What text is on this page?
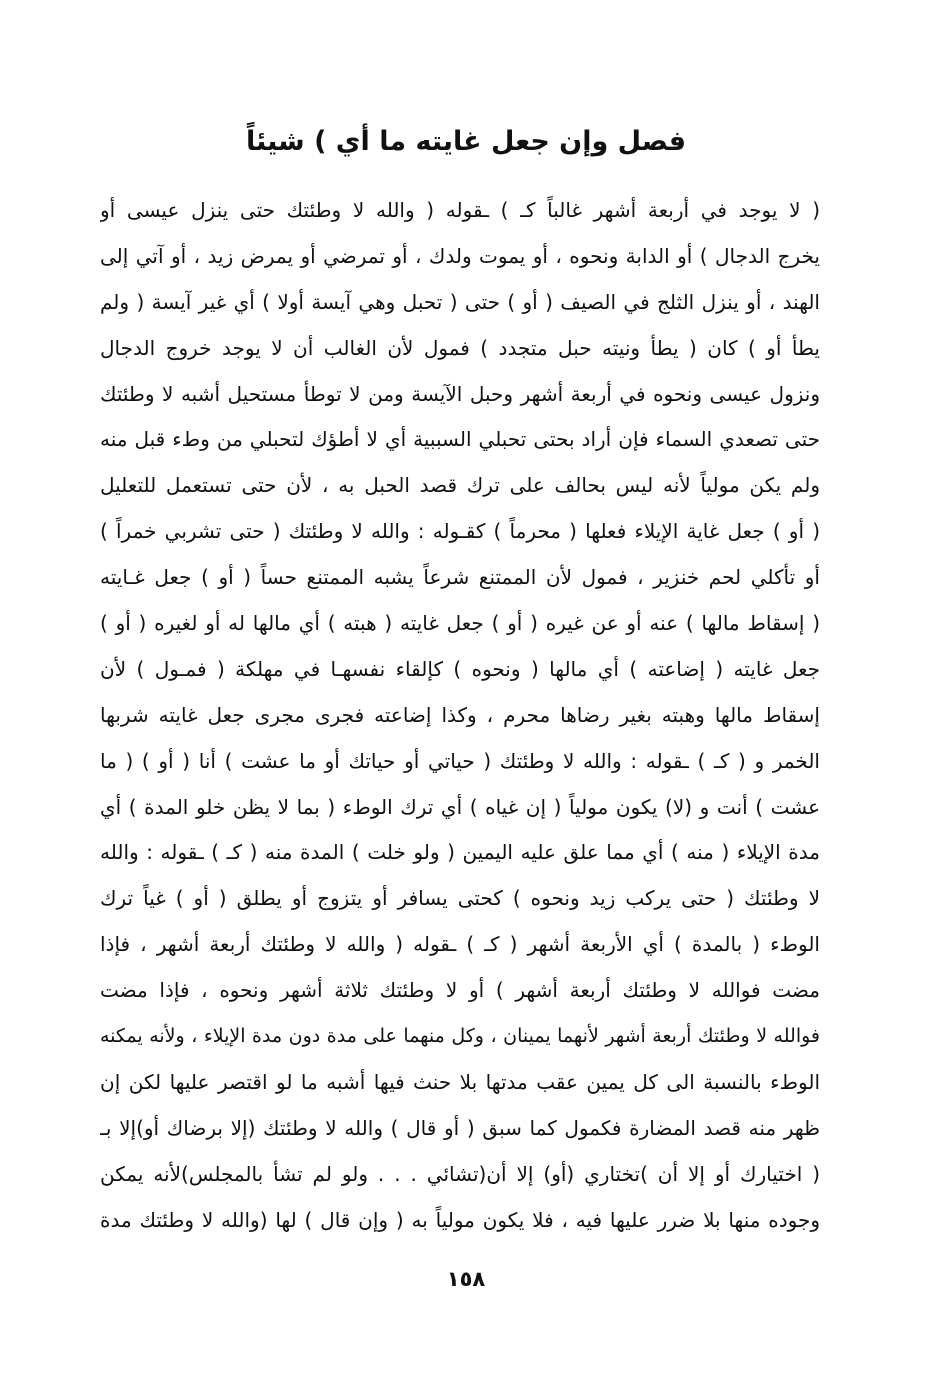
فصل وإن جعل غايته ما أي ) شيئاً
( لا يوجد في أربعة أشهر غالباً كـ ) ـقوله ( والله لا وطئتك حتى ينزل عيسى أو
يخرج الدجال ) أو الدابة ونحوه ، أو يموت ولدك ، أو تمرضي أو يمرض زيد ، أو آتي إلى
الهند ، أو ينزل الثلج في الصيف ( أو ) حتى ( تحبل وهي آيسة أولا ) أي غير آيسة ( ولم
يطأ أو ) كان ( يطأ ونيته حبل متجدد ) فمول لأن الغالب أن لا يوجد خروج الدجال
ونزول عيسى ونحوه في أربعة أشهر وحبل الآيسة ومن لا توطأ مستحيل أشبه لا وطئتك
حتى تصعدي السماء فإن أراد بحتى تحبلي السببية أي لا أطؤك لتحبلي من وطء قبل منه
ولم يكن مولياً لأنه ليس بحالف على ترك قصد الحبل به ، لأن حتى تستعمل للتعليل
( أو ) جعل غاية الإيلاء فعلها ( محرماً ) كقـوله : والله لا وطئتك ( حتى تشربي خمراً )
أو تأكلي لحم خنزير ، فمول لأن الممتنع شرعاً يشبه الممتنع حساً ( أو ) جعل غـايته
( إسقاط مالها ) عنه أو عن غيره ( أو ) جعل غايته ( هبته ) أي مالها له أو لغيره ( أو )
جعل غايته ( إضاعته ) أي مالها ( ونحوه ) كإلقاء نفسهـا في مهلكة ( فمـول ) لأن
إسقاط مالها وهبته بغير رضاها محرم ، وكذا إضاعته فجرى مجرى جعل غايته شربها
الخمر و ( كـ ) ـقوله : والله لا وطئتك ( حياتي أو حياتك أو ما عشت ) أنا ( أو ) ( ما
عشت ) أنت و (لا) يكون مولياً ( إن غياه ) أي ترك الوطء ( بما لا يظن خلو المدة ) أي
مدة الإيلاء ( منه ) أي مما علق عليه اليمين ( ولو خلت ) المدة منه ( كـ ) ـقوله : والله
لا وطئتك ( حتى يركب زيد ونحوه ) كحتى يسافر أو يتزوج أو يطلق ( أو ) غياً ترك
الوطء ( بالمدة ) أي الأربعة أشهر ( كـ ) ـقوله ( والله لا وطئتك أربعة أشهر ، فإذا
مضت فوالله لا وطئتك أربعة أشهر ) أو لا وطئتك ثلاثة أشهر ونحوه ، فإذا مضت
فوالله لا وطئتك أربعة أشهر لأنهما يمينان ، وكل منهما على مدة دون مدة الإيلاء ، ولأنه يمكنه
الوطء بالنسبة الى كل يمين عقب مدتها بلا حنث فيها أشبه ما لو اقتصر عليها لكن إن
ظهر منه قصد المضارة فكمول كما سبق ( أو قال ) والله لا وطئتك (إلا برضاك أو)إلا بـ
( اختيارك أو إلا أن )تختاري (أو) إلا أن(تشائي . . . ولو لم تشأ بالمجلس)لأنه يمكن
وجوده منها بلا ضرر عليها فيه ، فلا يكون مولياً به ( وإن قال ) لها (والله لا وطئتك مدة
١٥٨
